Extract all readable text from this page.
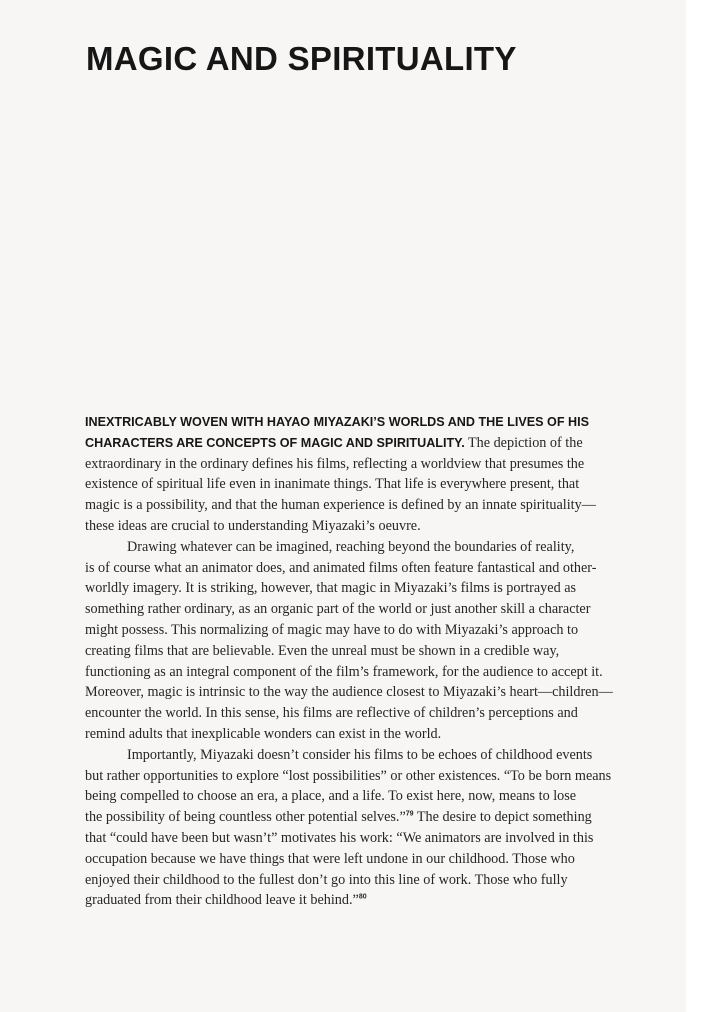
MAGIC AND SPIRITUALITY
INEXTRICABLY WOVEN WITH HAYAO MIYAZAKI’S WORLDS AND THE LIVES OF HIS
CHARACTERS ARE CONCEPTS OF MAGIC AND SPIRITUALITY. The depiction of the
extraordinary in the ordinary defines his films, reflecting a worldview that presumes the
existence of spiritual life even in inanimate things. That life is everywhere present, that
magic is a possibility, and that the human experience is defined by an innate spirituality—
these ideas are crucial to understanding Miyazaki’s oeuvre.
Drawing whatever can be imagined, reaching beyond the boundaries of reality,
is of course what an animator does, and animated films often feature fantastical and other-
worldly imagery. It is striking, however, that magic in Miyazaki’s films is portrayed as
something rather ordinary, as an organic part of the world or just another skill a character
might possess. This normalizing of magic may have to do with Miyazaki’s approach to
creating films that are believable. Even the unreal must be shown in a credible way,
functioning as an integral component of the film’s framework, for the audience to accept it.
Moreover, magic is intrinsic to the way the audience closest to Miyazaki’s heart—children—
encounter the world. In this sense, his films are reflective of children’s perceptions and
remind adults that inexplicable wonders can exist in the world.
Importantly, Miyazaki doesn’t consider his films to be echoes of childhood events
but rather opportunities to explore “lost possibilities” or other existences. “To be born means
being compelled to choose an era, a place, and a life. To exist here, now, means to lose
the possibility of being countless other potential selves.”$^{79}$ The desire to depict something
that “could have been but wasn’t” motivates his work: “We animators are involved in this
occupation because we have things that were left undone in our childhood. Those who
enjoyed their childhood to the fullest don’t go into this line of work. Those who fully
graduated from their childhood leave it behind.”$^{80}$
